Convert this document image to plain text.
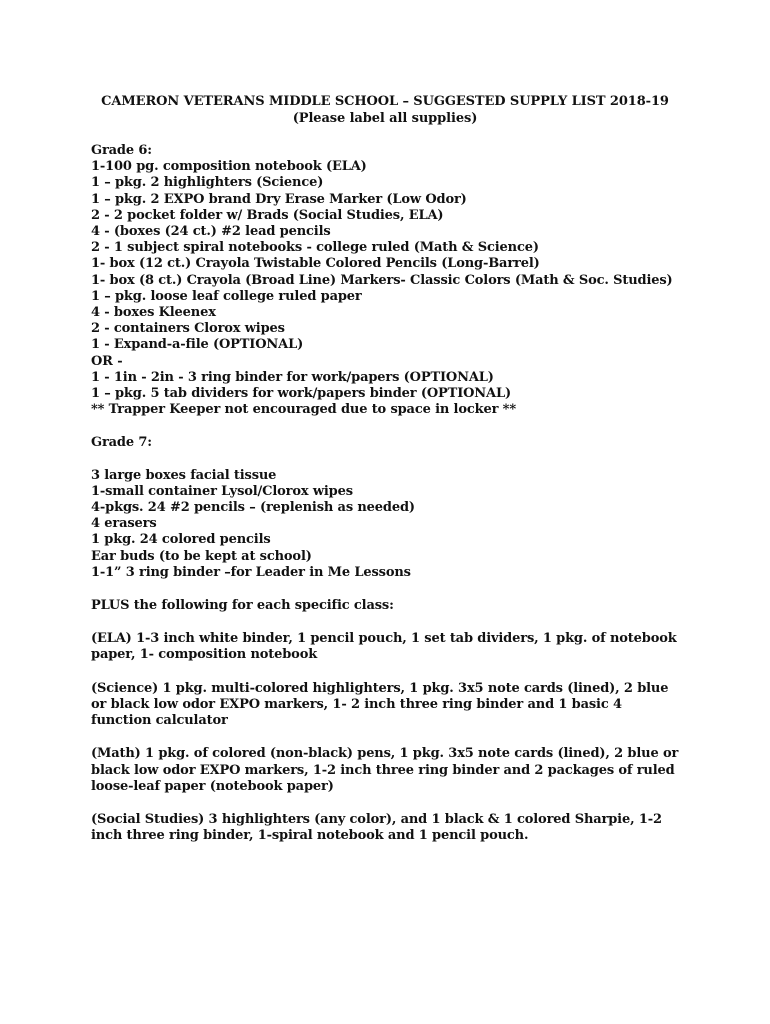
CAMERON VETERANS MIDDLE SCHOOL – SUGGESTED SUPPLY LIST 2018-19
(Please label all supplies)
Grade 6:
1-100 pg. composition notebook (ELA)
1 – pkg. 2 highlighters (Science)
1 – pkg. 2 EXPO brand Dry Erase Marker (Low Odor)
2 - 2 pocket folder w/ Brads (Social Studies, ELA)
4 - (boxes (24 ct.) #2 lead pencils
2 - 1 subject spiral notebooks - college ruled (Math & Science)
1- box (12 ct.) Crayola Twistable Colored Pencils (Long-Barrel)
1- box (8 ct.) Crayola (Broad Line) Markers- Classic Colors (Math & Soc. Studies)
1 – pkg. loose leaf college ruled paper
4 - boxes Kleenex
2 - containers Clorox wipes
1 - Expand-a-file (OPTIONAL)
OR -
1 - 1in - 2in - 3 ring binder for work/papers (OPTIONAL)
1 – pkg. 5 tab dividers for work/papers binder (OPTIONAL)
** Trapper Keeper not encouraged due to space in locker **
Grade 7:
3 large boxes facial tissue
1-small container Lysol/Clorox wipes
4-pkgs. 24 #2 pencils – (replenish as needed)
4 erasers
1 pkg. 24 colored pencils
Ear buds (to be kept at school)
1-1” 3 ring binder –for Leader in Me Lessons
PLUS the following for each specific class:
(ELA) 1-3 inch white binder, 1 pencil pouch, 1 set tab dividers, 1 pkg. of notebook paper, 1- composition notebook
(Science) 1 pkg. multi-colored highlighters, 1 pkg. 3x5 note cards (lined), 2 blue or black low odor EXPO markers, 1- 2 inch three ring binder and 1 basic 4 function calculator
(Math) 1 pkg. of colored (non-black) pens, 1 pkg. 3x5 note cards (lined), 2 blue or black low odor EXPO markers, 1-2 inch three ring binder and 2 packages of ruled loose-leaf paper (notebook paper)
(Social Studies) 3 highlighters (any color), and 1 black & 1 colored Sharpie, 1-2 inch three ring binder, 1-spiral notebook and 1 pencil pouch.
